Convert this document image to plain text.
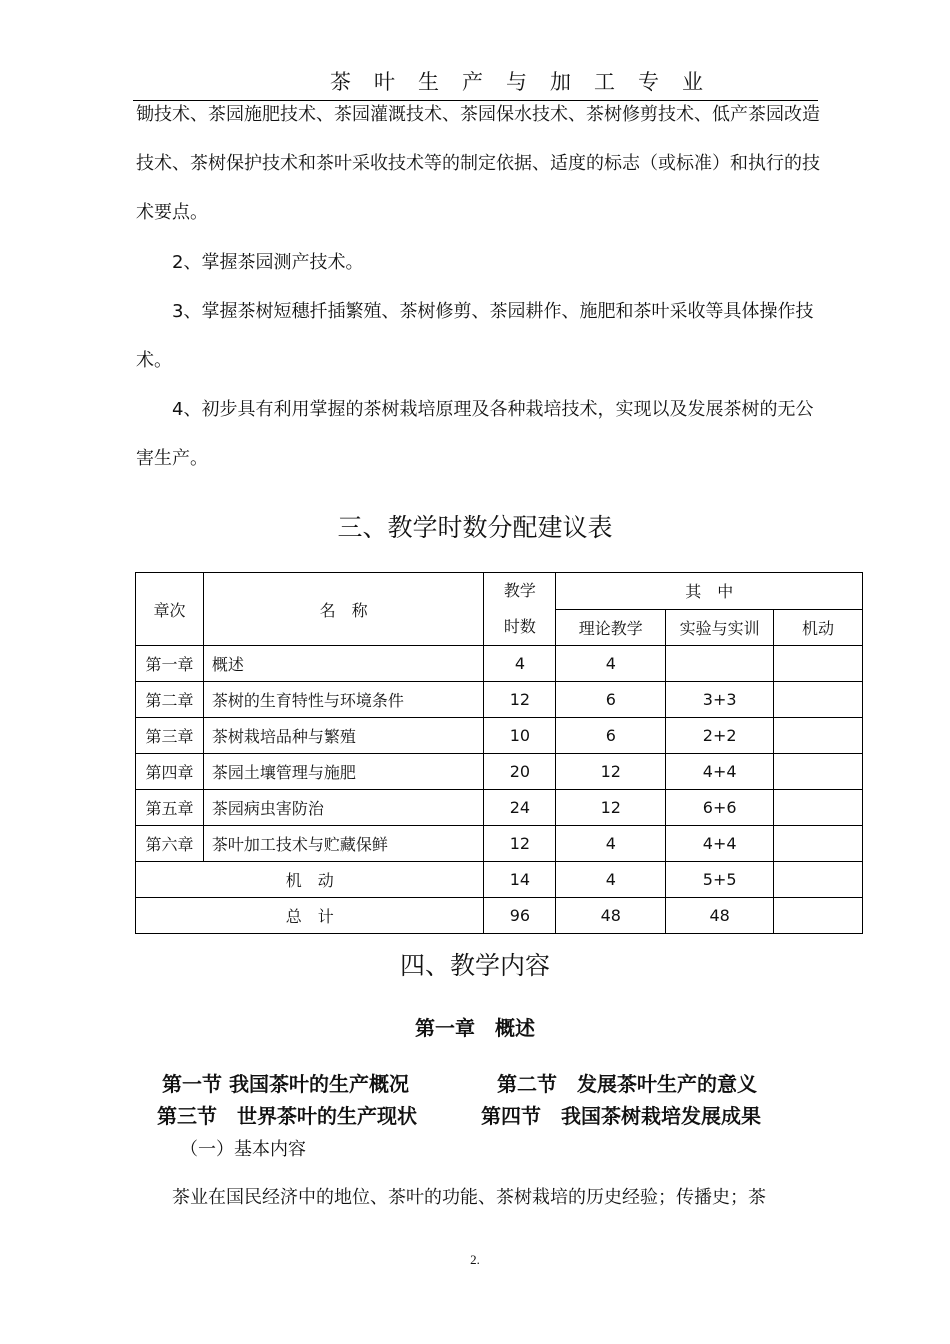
茶叶生产与加工专业

锄技术、茶园施肥技术、茶园灌溉技术、茶园保水技术、茶树修剪技术、低产茶园改造技术、茶树保护技术和茶叶采收技术等的制定依据、适度的标志（或标准）和执行的技术要点。

2、掌握茶园测产技术。

3、掌握茶树短穗扦插繁殖、茶树修剪、茶园耕作、施肥和茶叶采收等具体操作技术。

4、初步具有利用掌握的茶树栽培原理及各种栽培技术，实现以及发展茶树的无公害生产。

三、教学时数分配建议表
章次	名　称	教学时数	其　中		
			理论教学	实验与实训	机动
第一章	概述	4	4		
第二章	茶树的生育特性与环境条件	12	6	3+3	
第三章	茶树栽培品种与繁殖	10	6	2+2	
第四章	茶园土壤管理与施肥	20	12	4+4	
第五章	茶园病虫害防治	24	12	6+6	
第六章	茶叶加工技术与贮藏保鲜	12	4	4+4	
机　动		14	4	5+5	
总　计		96	48	48	
四、教学内容
第一章　概述
第一节 我国茶叶的生产概况	第二节　发展茶叶生产的意义
第三节　世界茶叶的生产现状	第四节　我国茶树栽培发展成果

（一）基本内容

茶业在国民经济中的地位、茶叶的功能、茶树栽培的历史经验；传播史；茶

2.
